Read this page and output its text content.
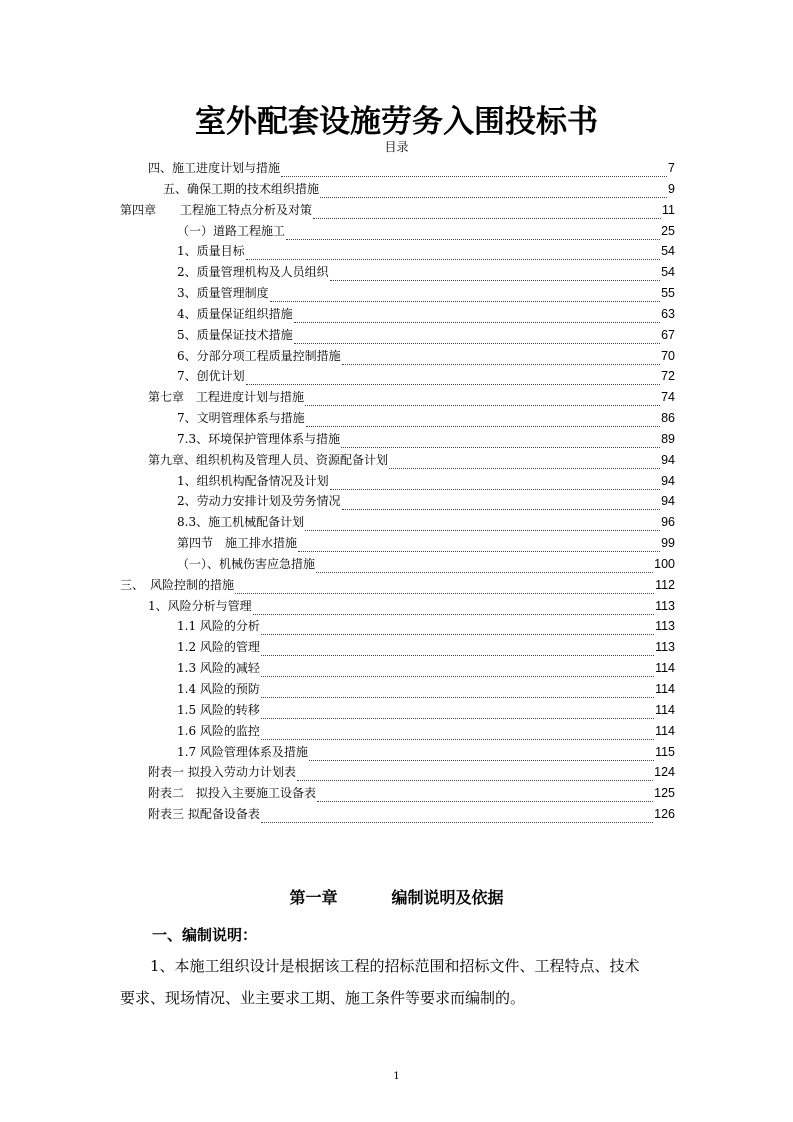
室外配套设施劳务入围投标书
目录
四、施工进度计划与措施	7
五、确保工期的技术组织措施	9
第四章　　工程施工特点分析及对策	11
（一）道路工程施工	25
1、质量目标	54
2、质量管理机构及人员组织	54
3、质量管理制度	55
4、质量保证组织措施	63
5、质量保证技术措施	67
6、分部分项工程质量控制措施	70
7、创优计划	72
第七章　工程进度计划与措施	74
7、文明管理体系与措施	86
7.3、环境保护管理体系与措施	89
第九章、组织机构及管理人员、资源配备计划	94
1、组织机构配备情况及计划	94
2、劳动力安排计划及劳务情况	94
8.3、施工机械配备计划	96
第四节　施工排水措施	99
（一）、机械伤害应急措施	100
三、　风险控制的措施	112
1、风险分析与管理	113
1.1 风险的分析	113
1.2 风险的管理	113
1.3 风险的减轻	114
1.4 风险的预防	114
1.5 风险的转移	114
1.6 风险的监控	114
1.7 风险管理体系及措施	115
附表一 拟投入劳动力计划表	124
附表二　拟投入主要施工设备表	125
附表三 拟配备设备表	126
第一章	编制说明及依据
一、编制说明：
1、本施工组织设计是根据该工程的招标范围和招标文件、工程特点、技术
要求、现场情况、业主要求工期、施工条件等要求而编制的。
1
